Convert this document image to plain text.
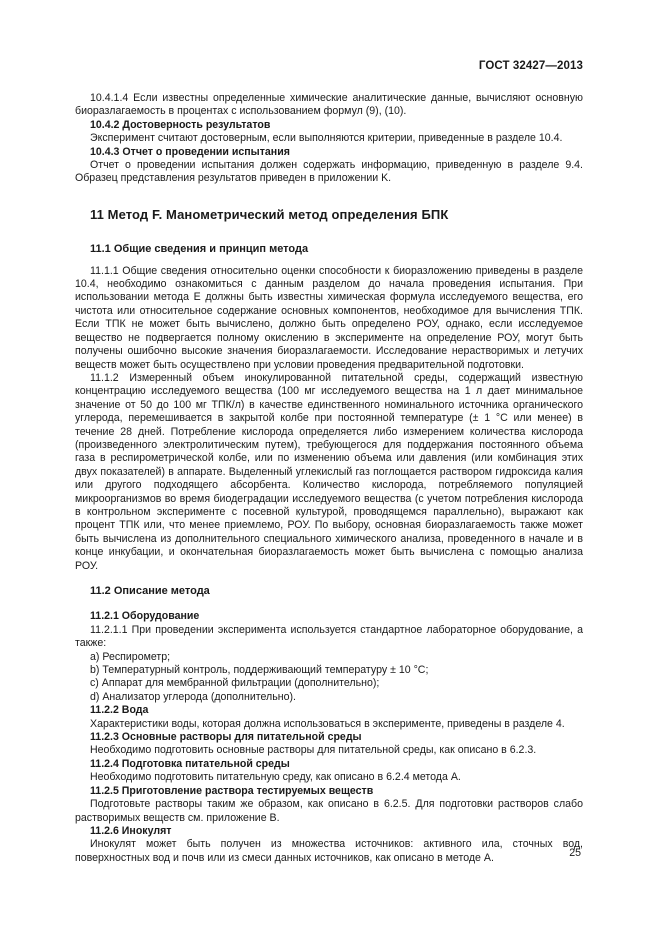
ГОСТ 32427—2013

10.4.1.4 Если известны определенные химические аналитические данные, вычисляют основную биоразлагаемость в процентах с использованием формул (9), (10).

10.4.2 Достоверность результатов

Эксперимент считают достоверным, если выполняются критерии, приведенные в разделе 10.4.

10.4.3 Отчет о проведении испытания

Отчет о проведении испытания должен содержать информацию, приведенную в разделе 9.4. Образец представления результатов приведен в приложении K.

11 Метод F. Манометрический метод определения БПК

11.1 Общие сведения и принцип метода

11.1.1 Общие сведения относительно оценки способности к биоразложению приведены в разделе 10.4, необходимо ознакомиться с данным разделом до начала проведения испытания. При использовании метода Е должны быть известны химическая формула исследуемого вещества, его чистота или относительное содержание основных компонентов, необходимое для вычисления ТПК. Если ТПК не может быть вычислено, должно быть определено РОУ, однако, если исследуемое вещество не подвергается полному окислению в эксперименте на определение РОУ, могут быть получены ошибочно высокие значения биоразлагаемости. Исследование нерастворимых и летучих веществ может быть осуществлено при условии проведения предварительной подготовки.

11.1.2 Измеренный объем инокулированной питательной среды, содержащий известную концентрацию исследуемого вещества (100 мг исследуемого вещества на 1 л дает минимальное значение от 50 до 100 мг ТПК/л) в качестве единственного номинального источника органического углерода, перемешивается в закрытой колбе при постоянной температуре (± 1 °С или менее) в течение 28 дней. Потребление кислорода определяется либо измерением количества кислорода (произведенного электролитическим путем), требующегося для поддержания постоянного объема газа в респирометрической колбе, или по изменению объема или давления (или комбинация этих двух показателей) в аппарате. Выделенный углекислый газ поглощается раствором гидроксида калия или другого подходящего абсорбента. Количество кислорода, потребляемого популяцией микроорганизмов во время биодеградации исследуемого вещества (с учетом потребления кислорода в контрольном эксперименте с посевной культурой, проводящемся параллельно), выражают как процент ТПК или, что менее приемлемо, РОУ. По выбору, основная биоразлагаемость также может быть вычислена из дополнительного специального химического анализа, проведенного в начале и в конце инкубации, и окончательная биоразлагаемость может быть вычислена с помощью анализа РОУ.

11.2 Описание метода

11.2.1 Оборудование

11.2.1.1 При проведении эксперимента используется стандартное лабораторное оборудование, а также:

a) Респирометр;

b) Температурный контроль, поддерживающий температуру ± 10 °С;

c) Аппарат для мембранной фильтрации (дополнительно);

d) Анализатор углерода (дополнительно).

11.2.2 Вода

Характеристики воды, которая должна использоваться в эксперименте, приведены в разделе 4.

11.2.3 Основные растворы для питательной среды

Необходимо подготовить основные растворы для питательной среды, как описано в 6.2.3.

11.2.4 Подготовка питательной среды

Необходимо подготовить питательную среду, как описано в 6.2.4 метода А.

11.2.5 Приготовление раствора тестируемых веществ

Подготовьте растворы таким же образом, как описано в 6.2.5. Для подготовки растворов слабо растворимых веществ см. приложение В.

11.2.6 Инокулят

Инокулят может быть получен из множества источников: активного ила, сточных вод, поверхностных вод и почв или из смеси данных источников, как описано в методе А.	25
